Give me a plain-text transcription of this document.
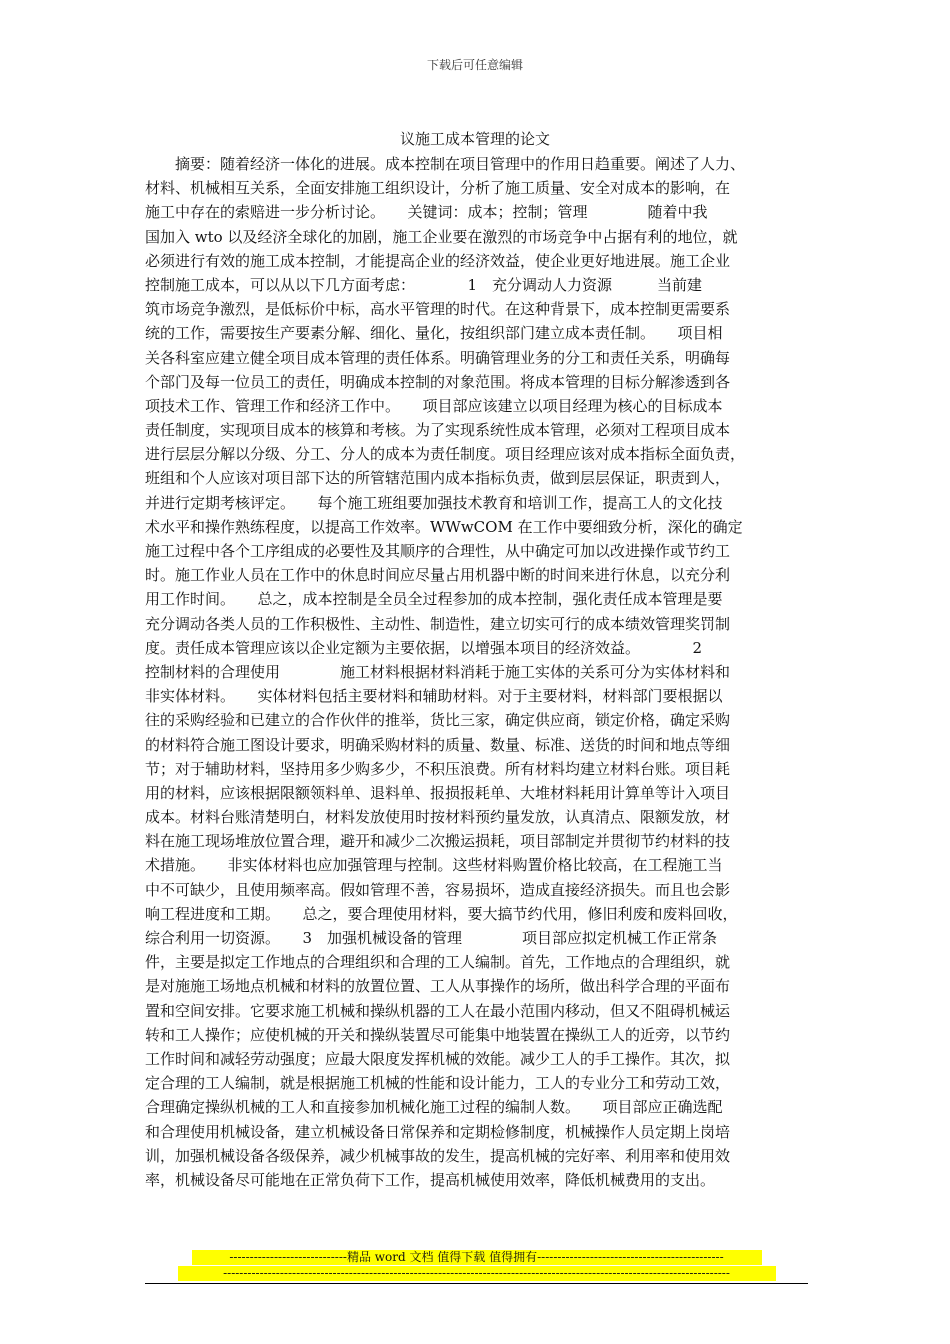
下载后可任意编辑
议施工成本管理的论文
　　摘要：随着经济一体化的进展。成本控制在项目管理中的作用日趋重要。阐述了人力、
材料、机械相互关系，全面安排施工组织设计，分析了施工质量、安全对成本的影响，在
施工中存在的索赔进一步分析讨论。　　关键词：成本；控制；管理　　　　随着中我
国加入 wto 以及经济全球化的加剧，施工企业要在激烈的市场竞争中占据有利的地位，就
必须进行有效的施工成本控制，才能提高企业的经济效益，使企业更好地进展。施工企业
控制施工成本，可以从以下几方面考虑：　　　　1　充分调动人力资源　　　当前建
筑市场竞争激烈，是低标价中标，高水平管理的时代。在这种背景下，成本控制更需要系
统的工作，需要按生产要素分解、细化、量化，按组织部门建立成本责任制。　　项目相
关各科室应建立健全项目成本管理的责任体系。明确管理业务的分工和责任关系，明确每
个部门及每一位员工的责任，明确成本控制的对象范围。将成本管理的目标分解渗透到各
项技术工作、管理工作和经济工作中。　　项目部应该建立以项目经理为核心的目标成本
责任制度，实现项目成本的核算和考核。为了实现系统性成本管理，必须对工程项目成本
进行层层分解以分级、分工、分人的成本为责任制度。项目经理应该对成本指标全面负责，
班组和个人应该对项目部下达的所管辖范围内成本指标负责，做到层层保证，职责到人，
并进行定期考核评定。　　每个施工班组要加强技术教育和培训工作，提高工人的文化技
术水平和操作熟练程度，以提高工作效率。WWwCOM 在工作中要细致分析，深化的确定
施工过程中各个工序组成的必要性及其顺序的合理性，从中确定可加以改进操作或节约工
时。施工作业人员在工作中的休息时间应尽量占用机器中断的时间来进行休息，以充分利
用工作时间。　　总之，成本控制是全员全过程参加的成本控制，强化责任成本管理是要
充分调动各类人员的工作积极性、主动性、制造性，建立切实可行的成本绩效管理奖罚制
度。责任成本管理应该以企业定额为主要依据，以增强本项目的经济效益。　　　　2
控制材料的合理使用　　　　施工材料根据材料消耗于施工实体的关系可分为实体材料和
非实体材料。　　实体材料包括主要材料和辅助材料。对于主要材料，材料部门要根据以
往的采购经验和已建立的合作伙伴的推举，货比三家，确定供应商，锁定价格，确定采购
的材料符合施工图设计要求，明确采购材料的质量、数量、标准、送货的时间和地点等细
节；对于辅助材料，坚持用多少购多少，不积压浪费。所有材料均建立材料台账。项目耗
用的材料，应该根据限额领料单、退料单、报损报耗单、大堆材料耗用计算单等计入项目
成本。材料台账清楚明白，材料发放使用时按材料预约量发放，认真清点、限额发放，材
料在施工现场堆放位置合理，避开和减少二次搬运损耗，项目部制定并贯彻节约材料的技
术措施。　　非实体材料也应加强管理与控制。这些材料购置价格比较高，在工程施工当
中不可缺少，且使用频率高。假如管理不善，容易损坏，造成直接经济损失。而且也会影
响工程进度和工期。　　总之，要合理使用材料，要大搞节约代用，修旧利废和废料回收，
综合利用一切资源。　　3　加强机械设备的管理　　　　项目部应拟定机械工作正常条
件，主要是拟定工作地点的合理组织和合理的工人编制。首先，工作地点的合理组织，就
是对施施工场地点机械和材料的放置位置、工人从事操作的场所，做出科学合理的平面布
置和空间安排。它要求施工机械和操纵机器的工人在最小范围内移动，但又不阻碍机械运
转和工人操作；应使机械的开关和操纵装置尽可能集中地装置在操纵工人的近旁，以节约
工作时间和减轻劳动强度；应最大限度发挥机械的效能。减少工人的手工操作。其次，拟
定合理的工人编制，就是根据施工机械的性能和设计能力，工人的专业分工和劳动工效，
合理确定操纵机械的工人和直接参加机械化施工过程的编制人数。　　项目部应正确选配
和合理使用机械设备，建立机械设备日常保养和定期检修制度，机械操作人员定期上岗培
训，加强机械设备各级保养，减少机械事故的发生，提高机械的完好率、利用率和使用效
率，机械设备尽可能地在正常负荷下工作，提高机械使用效率，降低机械费用的支出。
-----------------------------精品 word 文档 值得下载 值得拥有----------------------------------------------
-----------------------------------------------------------------------------------------------------------------------------
